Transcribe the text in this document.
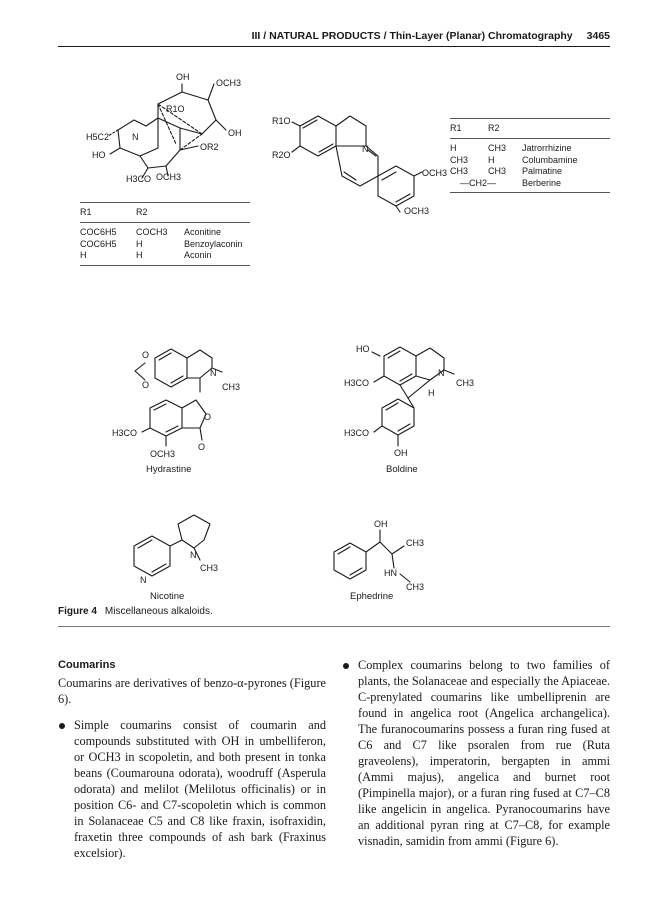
III / NATURAL PRODUCTS / Thin-Layer (Planar) Chromatography 3465
OH
OCH3
R1O
OH
H5C2	N
OR2
HO
H3CO OCH3
R1O
R2O
N
OCH3
OCH3
O
O
N
CH3
O
H3CO
O
OCH3
HO
H3CO
N
CH3
H
H3CO
OH
N
N
CH3
OH
CH3
HN
CH3
Hydrastine	Boldine
Nicotine	Ephedrine
R1	R2
COC6H5	COCH3	Aconitine
COC6H5	H	Benzoylaconin
H	H	Aconin
R1	R2
H	CH3	Jatrorrhizine
CH3	H	Columbamine
CH3	CH3	Palmatine
—CH2—	Berberine
Figure 4 Miscellaneous alkaloids.
Coumarins
Coumarins are derivatives of benzo-α-pyrones (Figure 6).
Simple coumarins consist of coumarin and compounds substituted with OH in umbelliferon, or OCH3 in scopoletin, and both present in tonka beans (Coumarouna odorata), woodruff (Asperula odorata) and melilot (Melilotus officinalis) or in position C6- and C7-scopoletin which is common in Solanaceae C5 and C8 like fraxin, isofraxidin, fraxetin three compounds of ash bark (Fraxinus excelsior).
Complex coumarins belong to two families of plants, the Solanaceae and especially the Apiaceae. C-prenylated coumarins like umbelliprenin are found in angelica root (Angelica archangelica). The furanocoumarins possess a furan ring fused at C6 and C7 like psoralen from rue (Ruta graveolens), imperatorin, bergapten in ammi (Ammi majus), angelica and burnet root (Pimpinella major), or a furan ring fused at C7–C8 like angelicin in angelica. Pyranocoumarins have an additional pyran ring at C7–C8, for example visnadin, samidin from ammi (Figure 6).
